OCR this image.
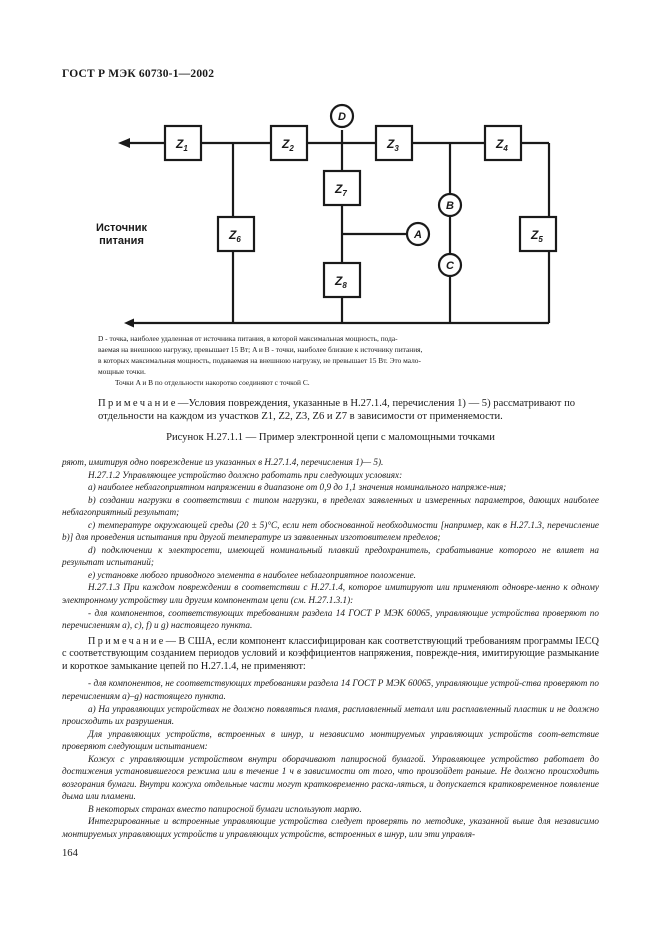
ГОСТ Р МЭК 60730-1—2002
$Z_1$	$Z_2$	$Z_3$	$Z_4$
$Z_5$
$Z_6$
$Z_7$
$Z_8$
D
A
B
C
Источник
питания
D - точка, наиболее удаленная от источника питания, в которой максимальная мощность, пода-
ваемая на внешнюю нагрузку, превышает 15 Вт; A и B - точки, наиболее близкие к источнику питания,
в которых максимальная мощность, подаваемая на внешнюю нагрузку, не превышает 15 Вт. Это мало-
мощные точки.
Точки A и B по отдельности накоротко соединяют с точкой C.
Примечание—Условия повреждения, указанные в Н.27.1.4, перечисления 1) — 5) рассматривают по отдельности на каждом из участков Z1, Z2, Z3, Z6 и Z7 в зависимости от применяемости.
Рисунок Н.27.1.1 — Пример электронной цепи с маломощными точками

ряют, имитируя одно повреждение из указанных в Н.27.1.4, перечисления 1)— 5).

Н.27.1.2 Управляющее устройство должно работать при следующих условиях:

a) наиболее неблагоприятном напряжении в диапазоне от 0,9 до 1,1 значения номинального напряже-ния;

b) создании нагрузки в соответствии с типом нагрузки, в пределах заявленных и измеренных параметров, дающих наиболее неблагоприятный результат;

c) температуре окружающей среды (20 ± 5)°С, если нет обоснованной необходимости [например, как в Н.27.1.3, перечисление b)] для проведения испытания при другой температуре из заявленных изготовителем пределов;

d) подключении к электросети, имеющей номинальный плавкий предохранитель, срабатывание которого не влияет на результат испытаний;

e) установке любого приводного элемента в наиболее неблагоприятное положение.

Н.27.1.3 При каждом повреждении в соответствии с Н.27.1.4, которое имитируют или применяют одновре-менно к одному электронному устройству или другим компонентам цепи (см. Н.27.1.3.1):

- для компонентов, соответствующих требованиям раздела 14 ГОСТ Р МЭК 60065, управляющие устройства проверяют по перечислениям a), c), f) и g) настоящего пункта.

Примечание— В США, если компонент классифицирован как соответствующий требованиям программы IECQ с соответствующим созданием периодов условий и коэффициентов напряжения, поврежде-ния, имитирующие размыкание и короткое замыкание цепей по Н.27.1.4, не применяют:

- для компонентов, не соответствующих требованиям раздела 14 ГОСТ Р МЭК 60065, управляющие устрой-ства проверяют по перечислениям a)–g) настоящего пункта.

a) На управляющих устройствах не должно появляться пламя, расплавленный металл или расплавленный пластик и не должно происходить их разрушения.

Для управляющих устройств, встроенных в шнур, и независимо монтируемых управляющих устройств соот-ветствие проверяют следующим испытанием:

Кожух с управляющим устройством внутри оборачивают папиросной бумагой. Управляющее устройство работает до достижения установившегося режима или в течение 1 ч в зависимости от того, что произойдет раньше. Не должно происходить возгорания бумаги. Внутри кожуха отдельные части могут кратковременно раска-ляться, и допускается кратковременное появление дыма или пламени.

В некоторых странах вместо папиросной бумаги используют марлю.

Интегрированные и встроенные управляющие устройства следует проверять по методике, указанной выше для независимо монтируемых управляющих устройств и управляющих устройств, встроенных в шнур, или эти управля-

164
